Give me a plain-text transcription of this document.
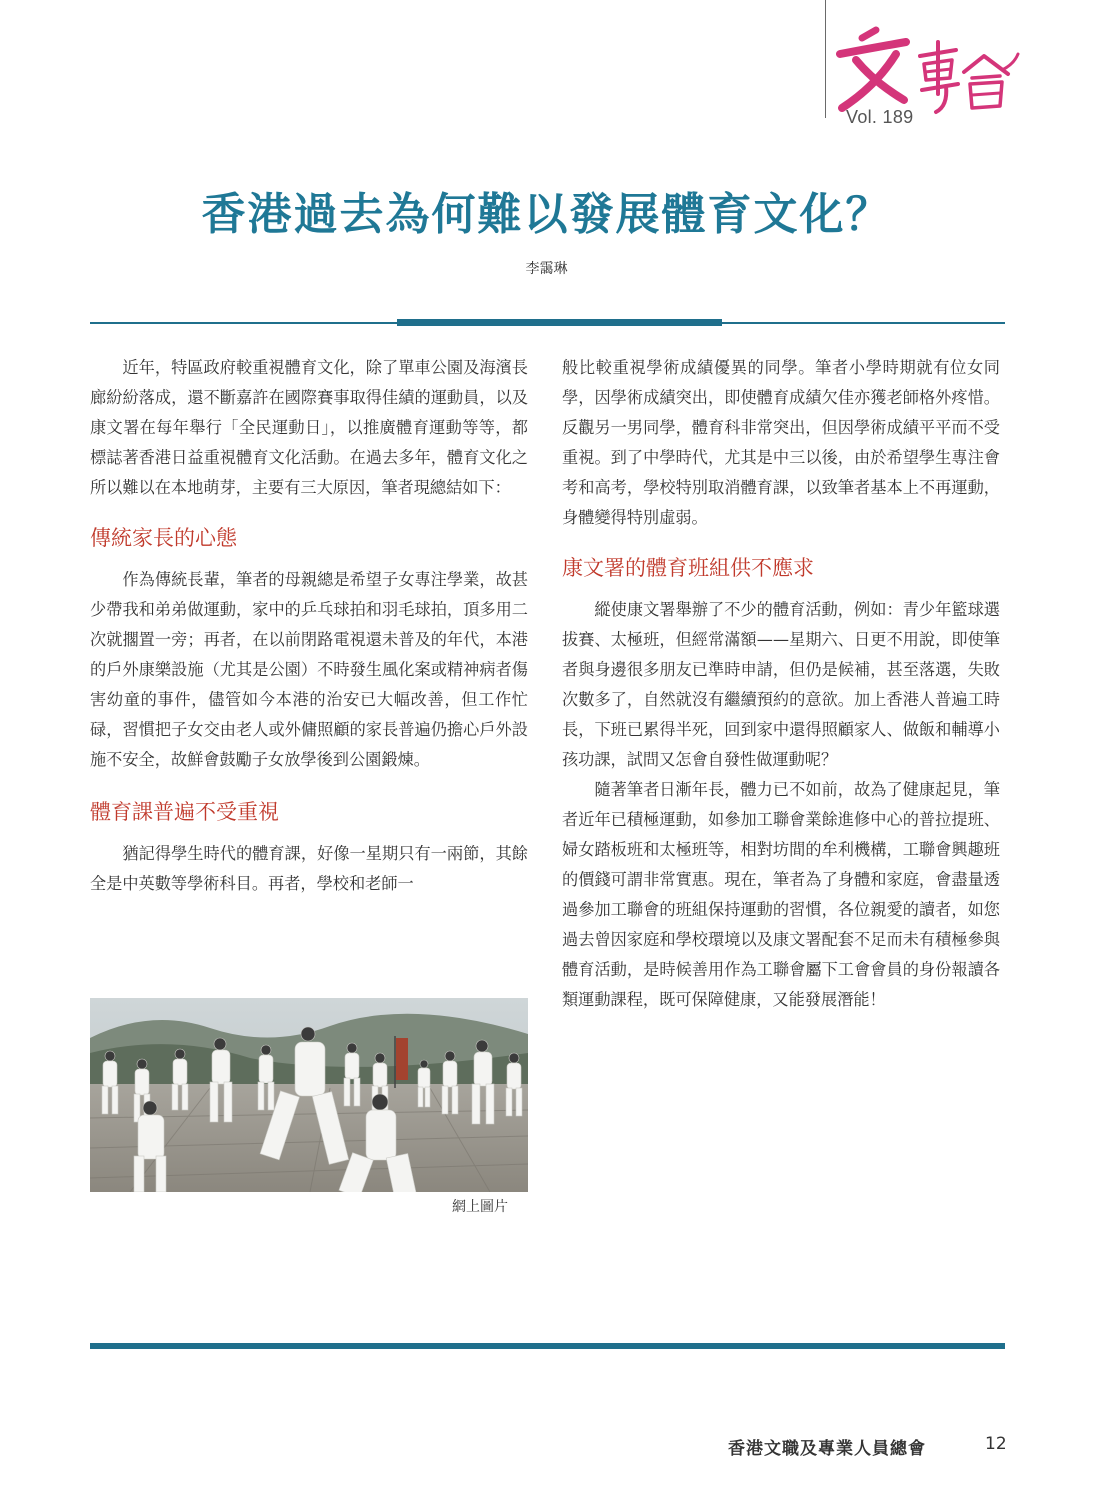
Vol. 189
香港過去為何難以發展體育文化？
李靄琳

近年，特區政府較重視體育文化，除了單車公園及海濱長廊紛紛落成，還不斷嘉許在國際賽事取得佳績的運動員，以及康文署在每年舉行「全民運動日」，以推廣體育運動等等，都標誌著香港日益重視體育文化活動。在過去多年，體育文化之所以難以在本地萌芽，主要有三大原因，筆者現總結如下：

傳統家長的心態

作為傳統長輩，筆者的母親總是希望子女專注學業，故甚少帶我和弟弟做運動，家中的乒乓球拍和羽毛球拍，頂多用二次就擱置一旁；再者，在以前閉路電視還未普及的年代，本港的戶外康樂設施（尤其是公園）不時發生風化案或精神病者傷害幼童的事件，儘管如今本港的治安已大幅改善，但工作忙碌，習慣把子女交由老人或外傭照顧的家長普遍仍擔心戶外設施不安全，故鮮會鼓勵子女放學後到公園鍛煉。

體育課普遍不受重視

猶記得學生時代的體育課，好像一星期只有一兩節，其餘全是中英數等學術科目。再者，學校和老師一

網上圖片

般比較重視學術成績優異的同學。筆者小學時期就有位女同學，因學術成績突出，即使體育成績欠佳亦獲老師格外疼惜。反觀另一男同學，體育科非常突出，但因學術成績平平而不受重視。到了中學時代，尤其是中三以後，由於希望學生專注會考和高考，學校特別取消體育課，以致筆者基本上不再運動，身體變得特別虛弱。

康文署的體育班組供不應求

縱使康文署舉辦了不少的體育活動，例如：青少年籃球選拔賽、太極班，但經常滿額——星期六、日更不用說，即使筆者與身邊很多朋友已準時申請，但仍是候補，甚至落選，失敗次數多了，自然就沒有繼續預約的意欲。加上香港人普遍工時長，下班已累得半死，回到家中還得照顧家人、做飯和輔導小孩功課，試問又怎會自發性做運動呢？

隨著筆者日漸年長，體力已不如前，故為了健康起見，筆者近年已積極運動，如參加工聯會業餘進修中心的普拉提班、婦女踏板班和太極班等，相對坊間的牟利機構，工聯會興趣班的價錢可謂非常實惠。現在，筆者為了身體和家庭，會盡量透過參加工聯會的班組保持運動的習慣，各位親愛的讀者，如您過去曾因家庭和學校環境以及康文署配套不足而未有積極參與體育活動，是時候善用作為工聯會屬下工會會員的身份報讀各類運動課程，既可保障健康，又能發展潛能！

香港文職及專業人員總會	12
